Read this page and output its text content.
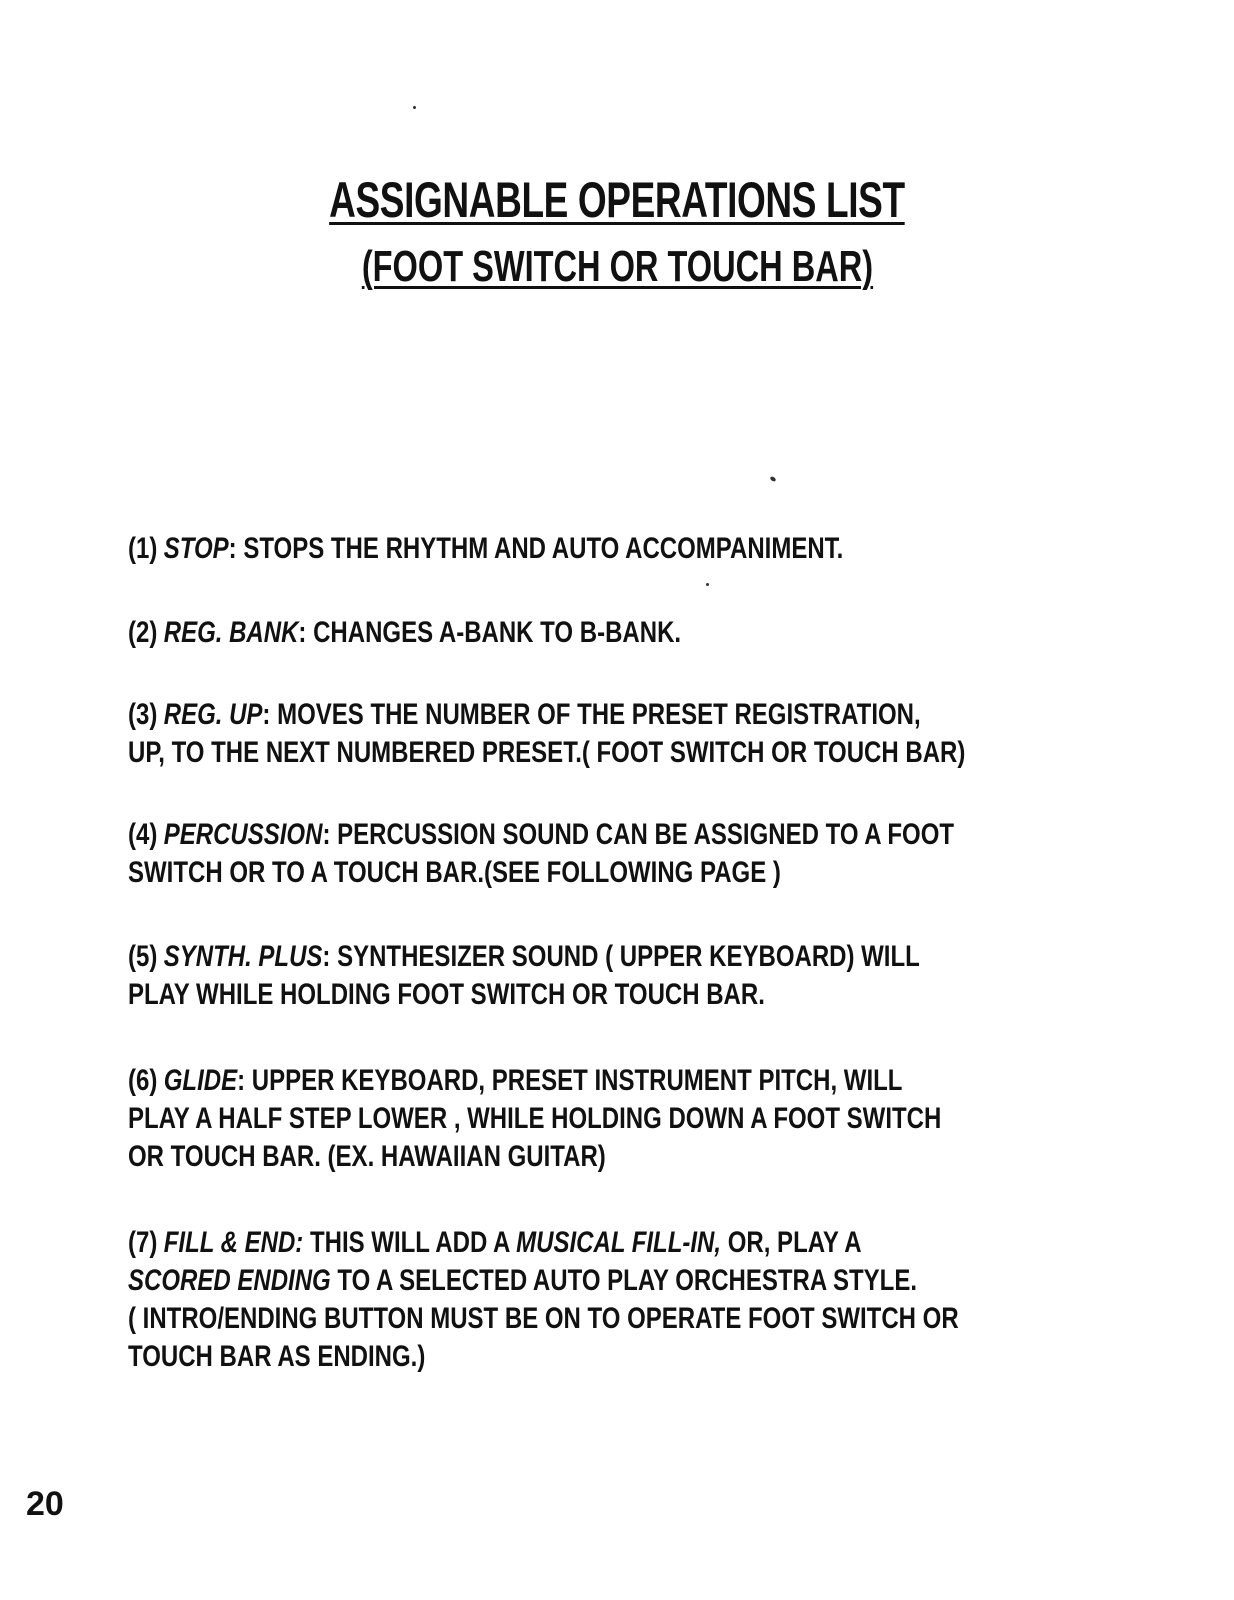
ASSIGNABLE OPERATIONS LIST
(FOOT SWITCH OR TOUCH BAR)
(1) STOP: STOPS THE RHYTHM AND AUTO ACCOMPANIMENT.
(2) REG. BANK: CHANGES A-BANK TO B-BANK.
(3) REG. UP: MOVES THE NUMBER OF THE PRESET REGISTRATION,
UP, TO THE NEXT NUMBERED PRESET.( FOOT SWITCH OR TOUCH BAR)
(4) PERCUSSION: PERCUSSION SOUND CAN BE ASSIGNED TO A FOOT
SWITCH OR TO A TOUCH BAR.(SEE FOLLOWING PAGE )
(5) SYNTH. PLUS: SYNTHESIZER SOUND ( UPPER KEYBOARD) WILL
PLAY WHILE HOLDING FOOT SWITCH OR TOUCH BAR.
(6) GLIDE: UPPER KEYBOARD, PRESET INSTRUMENT PITCH, WILL
PLAY A HALF STEP LOWER , WHILE HOLDING DOWN A FOOT SWITCH
OR TOUCH BAR. (EX. HAWAIIAN GUITAR)
(7) FILL & END: THIS WILL ADD A MUSICAL FILL-IN, OR, PLAY A
SCORED ENDING TO A SELECTED AUTO PLAY ORCHESTRA STYLE.
( INTRO/ENDING BUTTON MUST BE ON TO OPERATE FOOT SWITCH OR
TOUCH BAR AS ENDING.)
20
